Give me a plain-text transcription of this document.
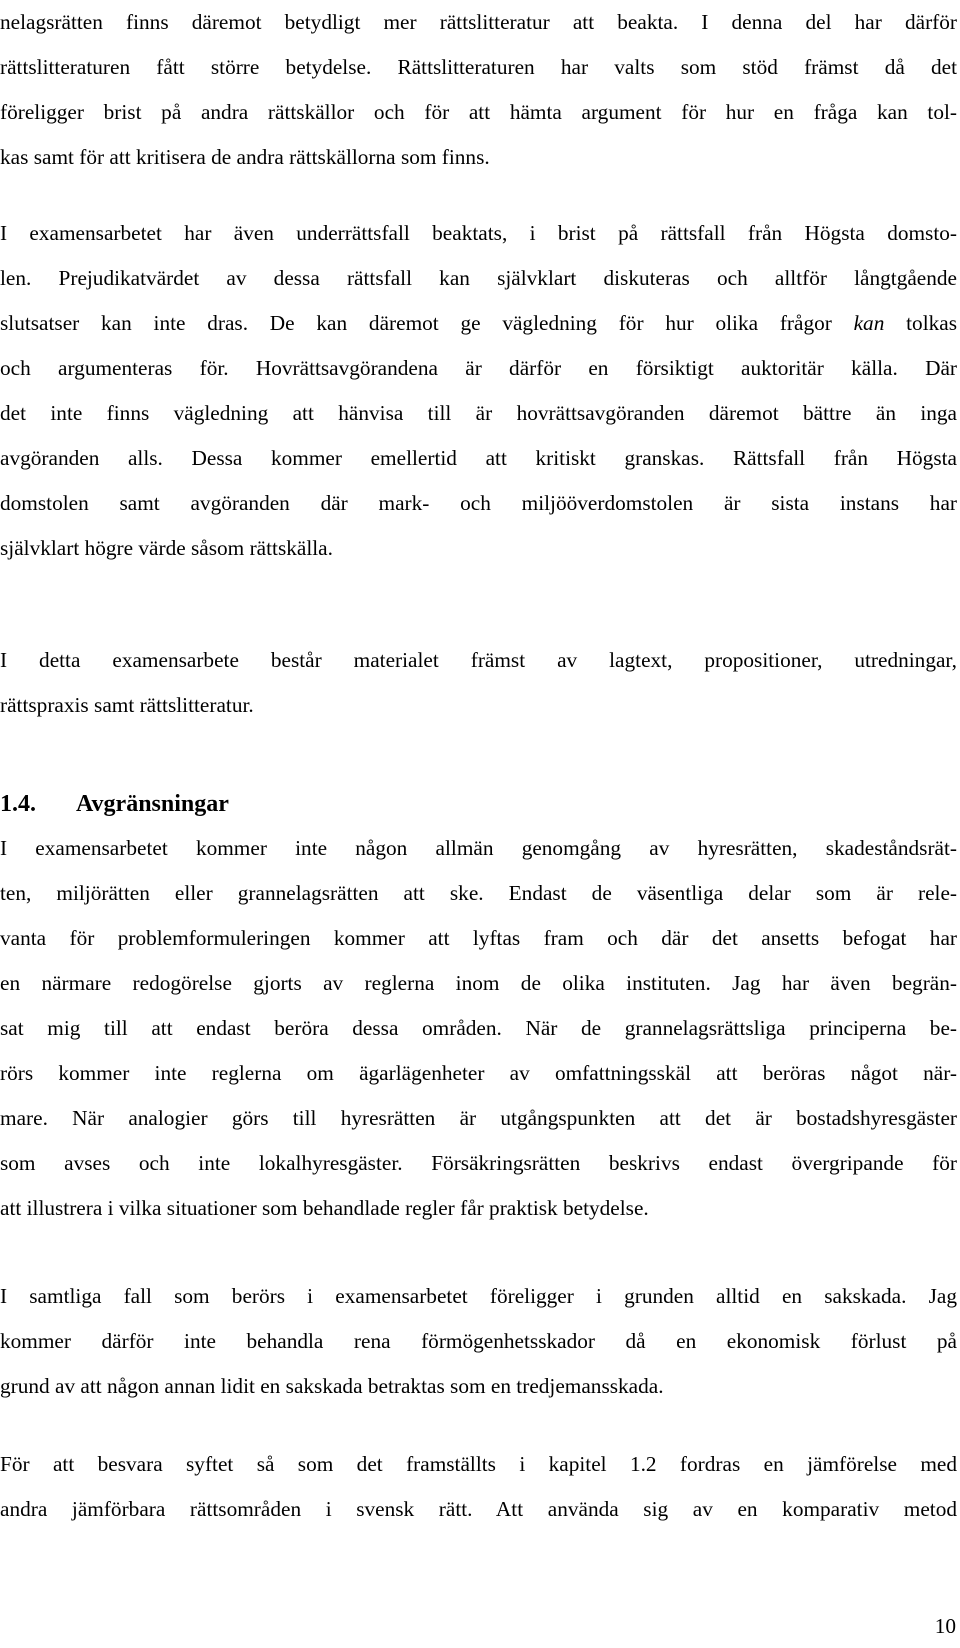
nelagsrätten finns däremot betydligt mer rättslitteratur att beakta. I denna del har därför
rättslitteraturen fått större betydelse. Rättslitteraturen har valts som stöd främst då det
föreligger brist på andra rättskällor och för att hämta argument för hur en fråga kan tol-
kas samt för att kritisera de andra rättskällorna som finns.
I examensarbetet har även underrättsfall beaktats, i brist på rättsfall från Högsta domsto-
len. Prejudikatvärdet av dessa rättsfall kan självklart diskuteras och alltför långtgående
slutsatser kan inte dras. De kan däremot ge vägledning för hur olika frågor kan tolkas
och argumenteras för. Hovrättsavgörandena är därför en försiktigt auktoritär källa. Där
det inte finns vägledning att hänvisa till är hovrättsavgöranden däremot bättre än inga
avgöranden alls. Dessa kommer emellertid att kritiskt granskas. Rättsfall från Högsta
domstolen samt avgöranden där mark- och miljööverdomstolen är sista instans har
självklart högre värde såsom rättskälla.
I detta examensarbete består materialet främst av lagtext, propositioner, utredningar,
rättspraxis samt rättslitteratur.
1.4. Avgränsningar
I examensarbetet kommer inte någon allmän genomgång av hyresrätten, skadeståndsrät-
ten, miljörätten eller grannelagsrätten att ske. Endast de väsentliga delar som är rele-
vanta för problemformuleringen kommer att lyftas fram och där det ansetts befogat har
en närmare redogörelse gjorts av reglerna inom de olika instituten. Jag har även begrän-
sat mig till att endast beröra dessa områden. När de grannelagsrättsliga principerna be-
rörs kommer inte reglerna om ägarlägenheter av omfattningsskäl att beröras något när-
mare. När analogier görs till hyresrätten är utgångspunkten att det är bostadshyresgäster
som avses och inte lokalhyresgäster. Försäkringsrätten beskrivs endast övergripande för
att illustrera i vilka situationer som behandlade regler får praktisk betydelse.
I samtliga fall som berörs i examensarbetet föreligger i grunden alltid en sakskada. Jag
kommer därför inte behandla rena förmögenhetsskador då en ekonomisk förlust på
grund av att någon annan lidit en sakskada betraktas som en tredjemansskada.
För att besvara syftet så som det framställts i kapitel 1.2 fordras en jämförelse med
andra jämförbara rättsområden i svensk rätt. Att använda sig av en komparativ metod
10
